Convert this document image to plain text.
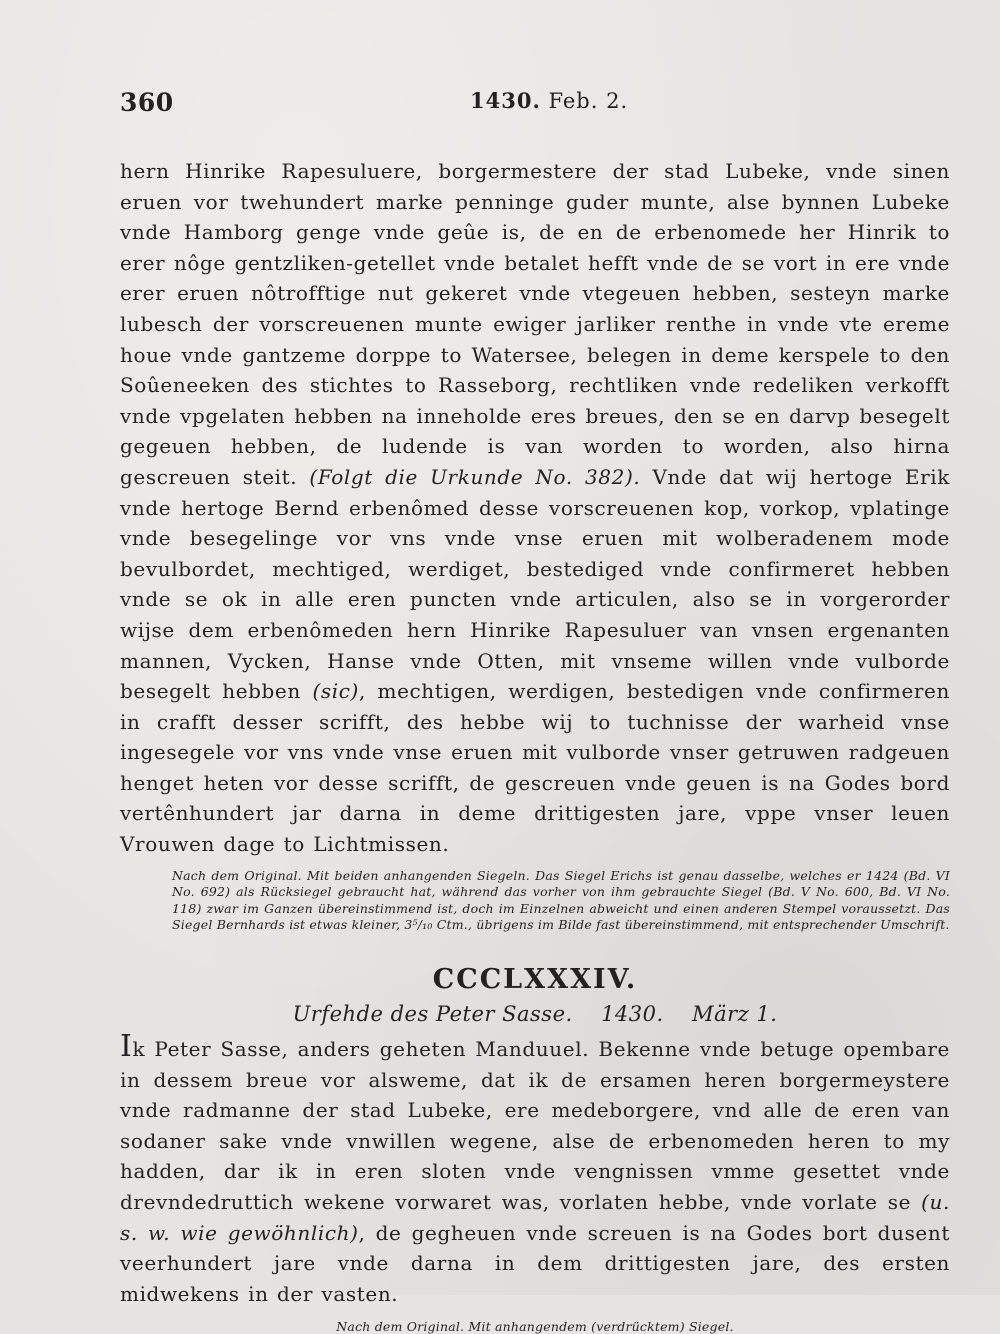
360	1430. Feb. 2.

hern Hinrike Rapesuluere, borgermestere der stad Lubeke, vnde sinen eruen vor twehundert marke penninge guder munte, alse bynnen Lubeke vnde Hamborg genge vnde geûe is, de en de erbenomede her Hinrik to erer nôge gentzliken-getellet vnde betalet hefft vnde de se vort in ere vnde erer eruen nôtrofftige nut gekeret vnde vtegeuen hebben, sesteyn marke lubesch der vorscreuenen munte ewiger jarliker renthe in vnde vte ereme houe vnde gantzeme dorppe to Watersee, belegen in deme kerspele to den Soûeneeken des stichtes to Rasseborg, rechtliken vnde redeliken verkofft vnde vpgelaten hebben na inneholde eres breues, den se en darvp besegelt gegeuen hebben, de ludende is van worden to worden, also hirna gescreuen steit. (Folgt die Urkunde No. 382). Vnde dat wij hertoge Erik vnde hertoge Bernd erbenômed desse vorscreuenen kop, vorkop, vplatinge vnde besegelinge vor vns vnde vnse eruen mit wolberadenem mode bevulbordet, mechtiged, werdiget, bestediged vnde confirmeret hebben vnde se ok in alle eren puncten vnde articulen, also se in vorgerorder wijse dem erbenômeden hern Hinrike Rapesuluer van vnsen ergenanten mannen, Vycken, Hanse vnde Otten, mit vnseme willen vnde vulborde besegelt hebben (sic), mechtigen, werdigen, bestedigen vnde confirmeren in crafft desser scrifft, des hebbe wij to tuchnisse der warheid vnse ingesegele vor vns vnde vnse eruen mit vulborde vnser getruwen radgeuen henget heten vor desse scrifft, de gescreuen vnde geuen is na Godes bord vertênhundert jar darna in deme drittigesten jare, vppe vnser leuen Vrouwen dage to Lichtmissen.

Nach dem Original. Mit beiden anhangenden Siegeln. Das Siegel Erichs ist genau dasselbe, welches er 1424 (Bd. VI No. 692) als Rücksiegel gebraucht hat, während das vorher von ihm gebrauchte Siegel (Bd. V No. 600, Bd. VI No. 118) zwar im Ganzen übereinstimmend ist, doch im Einzelnen abweicht und einen anderen Stempel voraussetzt. Das Siegel Bernhards ist etwas kleiner, 3⁵/₁₀ Ctm., übrigens im Bilde fast übereinstimmend, mit entsprechender Umschrift.

CCCLXXXIV.
Urfehde des Peter Sasse. 1430. März 1.

Ik Peter Sasse, anders geheten Manduuel. Bekenne vnde betuge opembare in dessem breue vor alsweme, dat ik de ersamen heren borgermeystere vnde radmanne der stad Lubeke, ere medeborgere, vnd alle de eren van sodaner sake vnde vnwillen wegene, alse de erbenomeden heren to my hadden, dar ik in eren sloten vnde vengnissen vmme gesettet vnde drevndedruttich wekene vorwaret was, vorlaten hebbe, vnde vorlate se (u. s. w. wie gewöhnlich), de gegheuen vnde screuen is na Godes bort dusent veerhundert jare vnde darna in dem drittigesten jare, des ersten midwekens in der vasten.

Nach dem Original. Mit anhangendem (verdrücktem) Siegel.
